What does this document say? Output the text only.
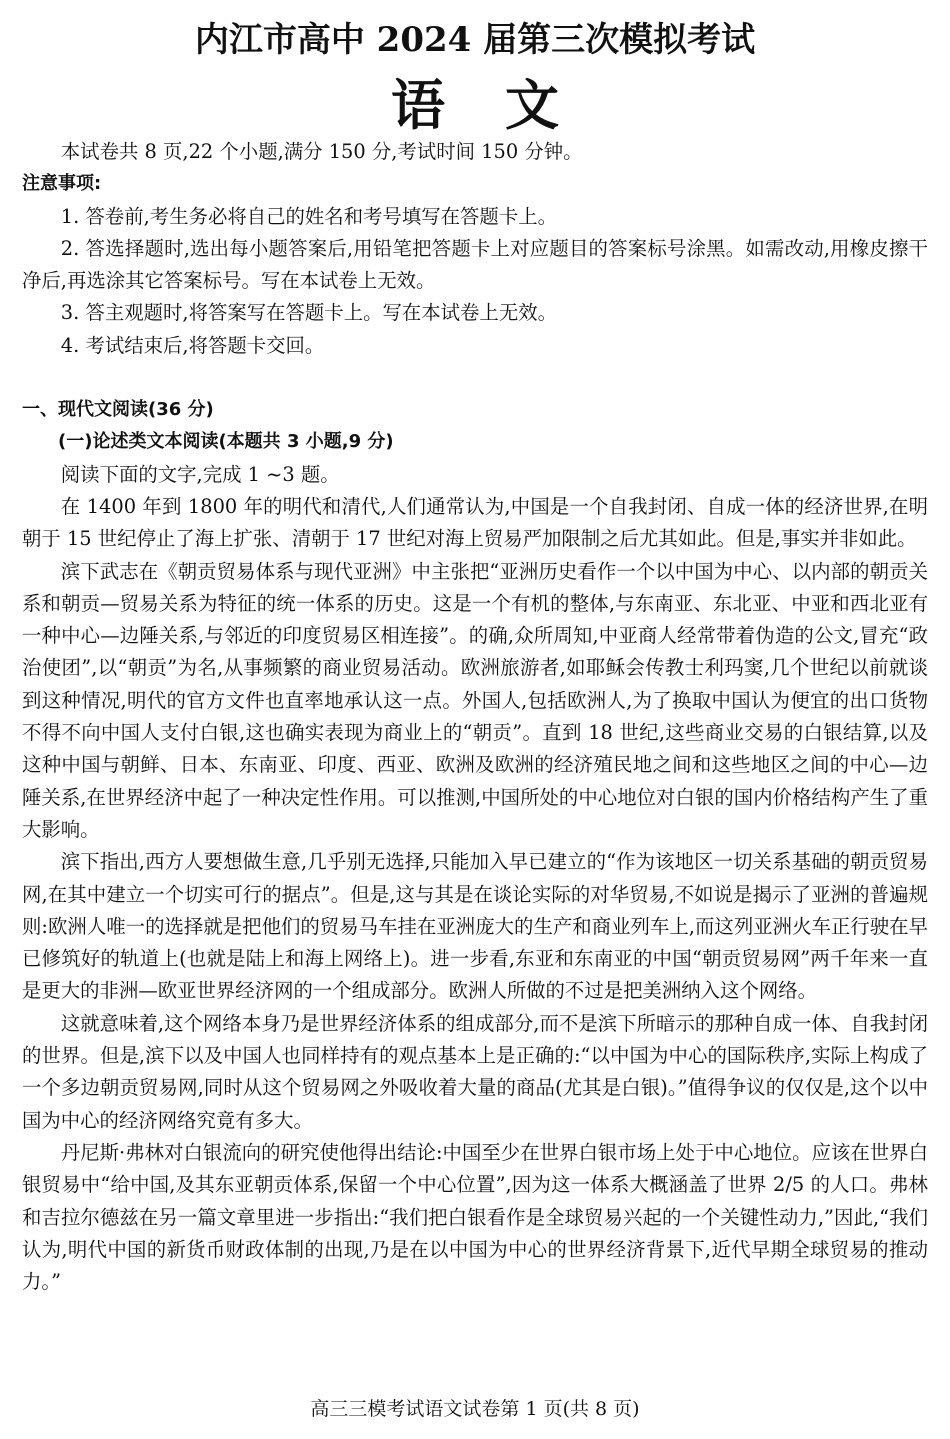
内江市高中 2024 届第三次模拟考试
语文

本试卷共 8 页,22 个小题,满分 150 分,考试时间 150 分钟。

注意事项:

1. 答卷前,考生务必将自己的姓名和考号填写在答题卡上。

2. 答选择题时,选出每小题答案后,用铅笔把答题卡上对应题目的答案标号涂黑。如需改动,用橡皮擦干净后,再选涂其它答案标号。写在本试卷上无效。

3. 答主观题时,将答案写在答题卡上。写在本试卷上无效。

4. 考试结束后,将答题卡交回。

一、现代文阅读(36 分)

(一)论述类文本阅读(本题共 3 小题,9 分)

阅读下面的文字,完成 1 ~3 题。

在 1400 年到 1800 年的明代和清代,人们通常认为,中国是一个自我封闭、自成一体的经济世界,在明朝于 15 世纪停止了海上扩张、清朝于 17 世纪对海上贸易严加限制之后尤其如此。但是,事实并非如此。

滨下武志在《朝贡贸易体系与现代亚洲》中主张把“亚洲历史看作一个以中国为中心、以内部的朝贡关系和朝贡—贸易关系为特征的统一体系的历史。这是一个有机的整体,与东南亚、东北亚、中亚和西北亚有一种中心—边陲关系,与邻近的印度贸易区相连接”。的确,众所周知,中亚商人经常带着伪造的公文,冒充“政治使团”,以“朝贡”为名,从事频繁的商业贸易活动。欧洲旅游者,如耶稣会传教士利玛窦,几个世纪以前就谈到这种情况,明代的官方文件也直率地承认这一点。外国人,包括欧洲人,为了换取中国认为便宜的出口货物不得不向中国人支付白银,这也确实表现为商业上的“朝贡”。直到 18 世纪,这些商业交易的白银结算,以及这种中国与朝鲜、日本、东南亚、印度、西亚、欧洲及欧洲的经济殖民地之间和这些地区之间的中心—边陲关系,在世界经济中起了一种决定性作用。可以推测,中国所处的中心地位对白银的国内价格结构产生了重大影响。

滨下指出,西方人要想做生意,几乎别无选择,只能加入早已建立的“作为该地区一切关系基础的朝贡贸易网,在其中建立一个切实可行的据点”。但是,这与其是在谈论实际的对华贸易,不如说是揭示了亚洲的普遍规则:欧洲人唯一的选择就是把他们的贸易马车挂在亚洲庞大的生产和商业列车上,而这列亚洲火车正行驶在早已修筑好的轨道上(也就是陆上和海上网络上)。进一步看,东亚和东南亚的中国“朝贡贸易网”两千年来一直是更大的非洲—欧亚世界经济网的一个组成部分。欧洲人所做的不过是把美洲纳入这个网络。

这就意味着,这个网络本身乃是世界经济体系的组成部分,而不是滨下所暗示的那种自成一体、自我封闭的世界。但是,滨下以及中国人也同样持有的观点基本上是正确的:“以中国为中心的国际秩序,实际上构成了一个多边朝贡贸易网,同时从这个贸易网之外吸收着大量的商品(尤其是白银)。”值得争议的仅仅是,这个以中国为中心的经济网络究竟有多大。

丹尼斯·弗林对白银流向的研究使他得出结论:中国至少在世界白银市场上处于中心地位。应该在世界白银贸易中“给中国,及其东亚朝贡体系,保留一个中心位置”,因为这一体系大概涵盖了世界 2/5 的人口。弗林和吉拉尔德兹在另一篇文章里进一步指出:“我们把白银看作是全球贸易兴起的一个关键性动力,”因此,“我们认为,明代中国的新货币财政体制的出现,乃是在以中国为中心的世界经济背景下,近代早期全球贸易的推动力。”

高三三模考试语文试卷第 1 页(共 8 页)
